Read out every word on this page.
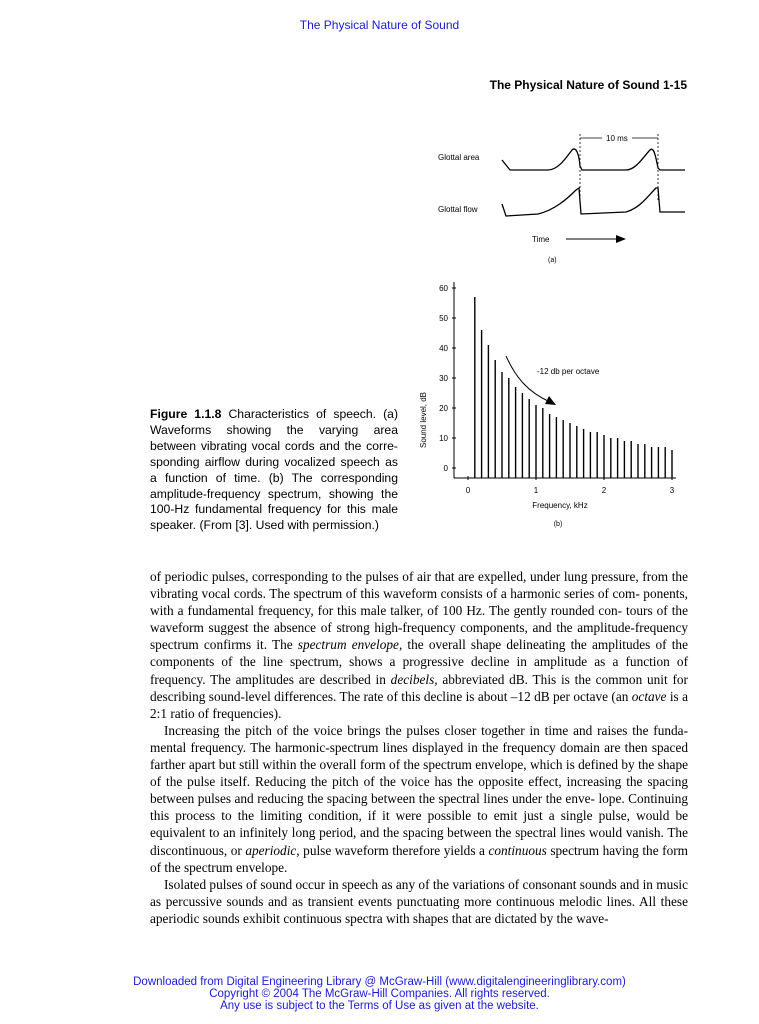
The Physical Nature of Sound
The Physical Nature of Sound 1-15
10 ms
Glottal area
Glottal flow
Time
(a)
0
10
20
30
40
50
60
0	1	2	3
Sound level, dB
Frequency, kHz
(b)
-12 db per octave
Figure 1.1.8 Characteristics of speech. (a) Waveforms showing the varying area between vibrating vocal cords and the corre- sponding airflow during vocalized speech as a function of time. (b) The corresponding amplitude-frequency spectrum, showing the 100-Hz fundamental frequency for this male speaker. (From [3]. Used with permission.)

of periodic pulses, corresponding to the pulses of air that are expelled, under lung pressure, from the vibrating vocal cords. The spectrum of this waveform consists of a harmonic series of com- ponents, with a fundamental frequency, for this male talker, of 100 Hz. The gently rounded con- tours of the waveform suggest the absence of strong high-frequency components, and the amplitude-frequency spectrum confirms it. The spectrum envelope, the overall shape delineating the amplitudes of the components of the line spectrum, shows a progressive decline in amplitude as a function of frequency. The amplitudes are described in decibels, abbreviated dB. This is the common unit for describing sound-level differences. The rate of this decline is about –12 dB per octave (an octave is a 2:1 ratio of frequencies).

Increasing the pitch of the voice brings the pulses closer together in time and raises the funda- mental frequency. The harmonic-spectrum lines displayed in the frequency domain are then spaced farther apart but still within the overall form of the spectrum envelope, which is defined by the shape of the pulse itself. Reducing the pitch of the voice has the opposite effect, increasing the spacing between pulses and reducing the spacing between the spectral lines under the enve- lope. Continuing this process to the limiting condition, if it were possible to emit just a single pulse, would be equivalent to an infinitely long period, and the spacing between the spectral lines would vanish. The discontinuous, or aperiodic, pulse waveform therefore yields a continuous spectrum having the form of the spectrum envelope.

Isolated pulses of sound occur in speech as any of the variations of consonant sounds and in music as percussive sounds and as transient events punctuating more continuous melodic lines. All these aperiodic sounds exhibit continuous spectra with shapes that are dictated by the wave-

Downloaded from Digital Engineering Library @ McGraw-Hill (www.digitalengineeringlibrary.com)
Copyright © 2004 The McGraw-Hill Companies. All rights reserved.
Any use is subject to the Terms of Use as given at the website.
